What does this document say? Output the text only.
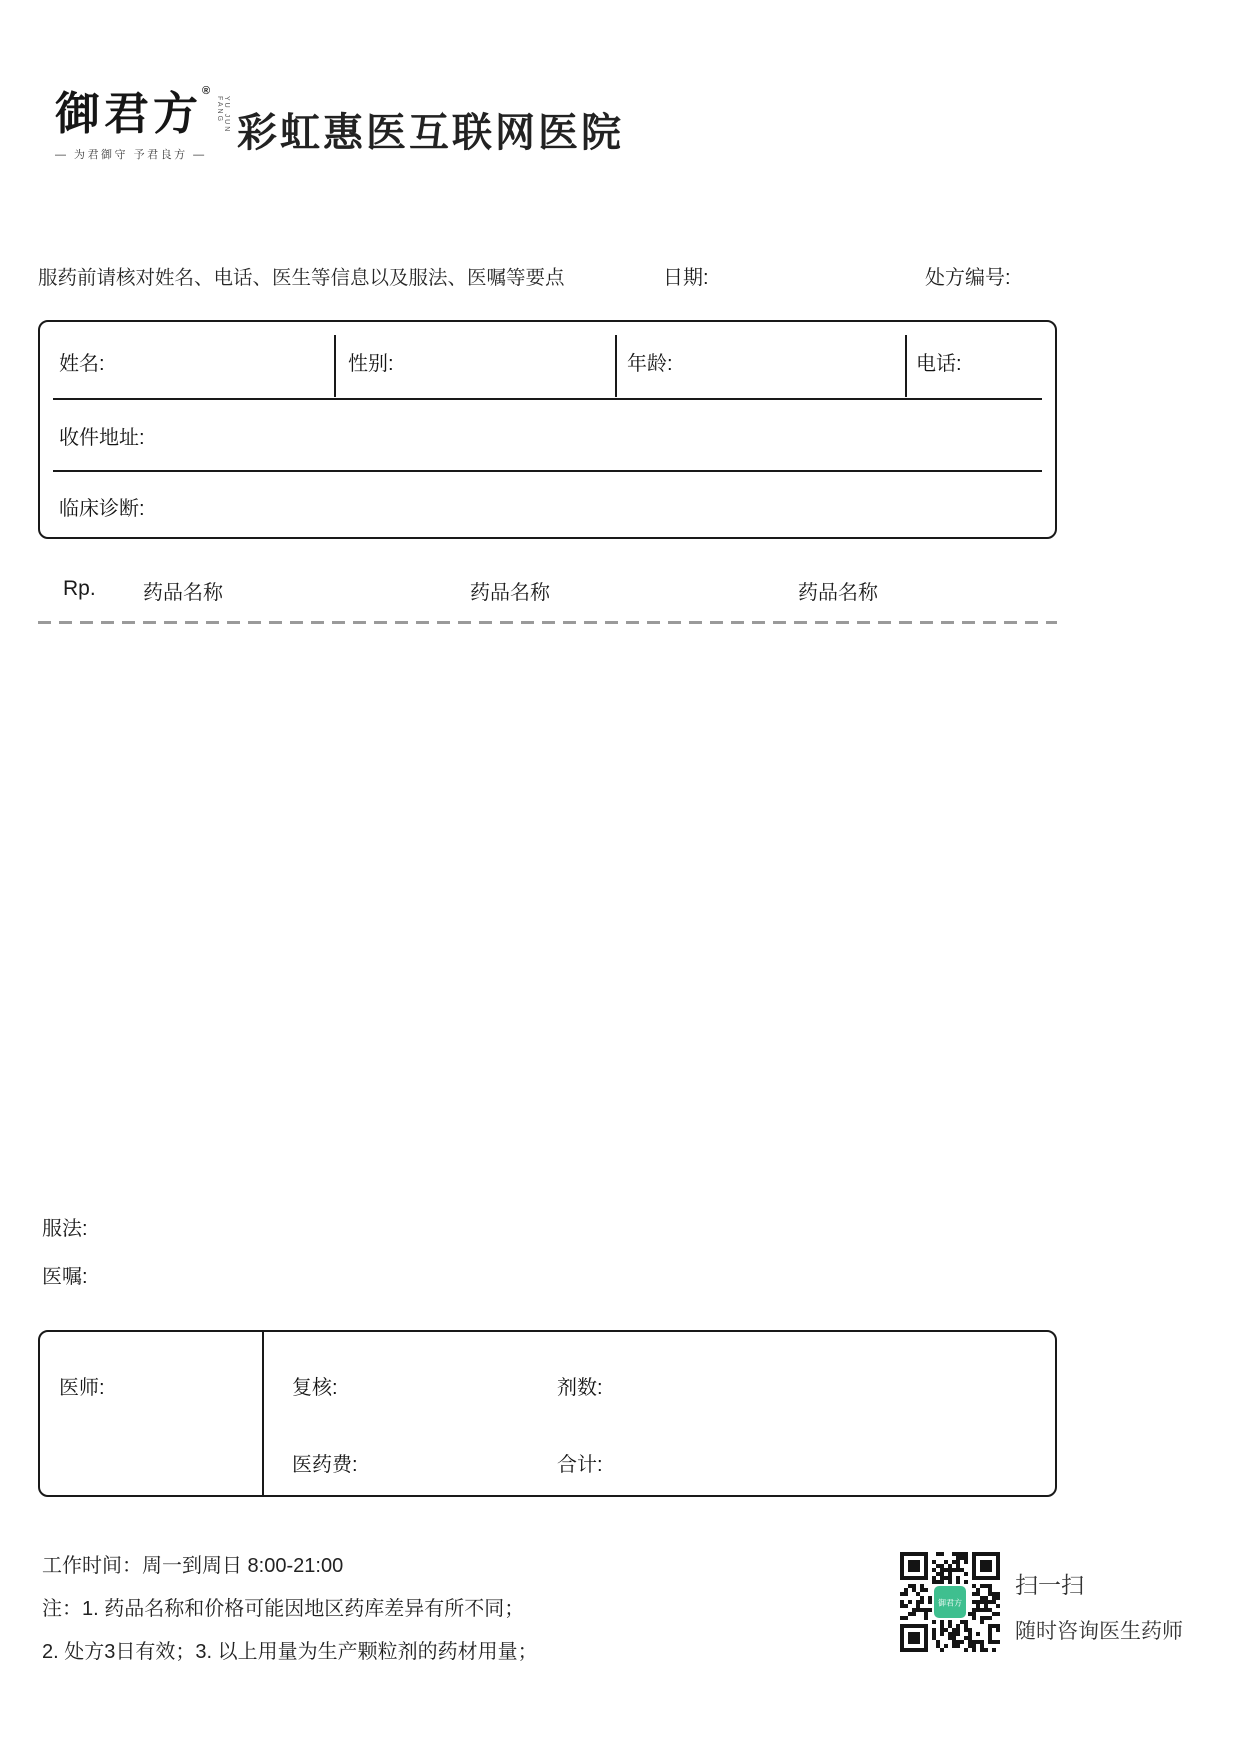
御君方®
YU JUN FANG
— 为君御守 予君良方 —
彩虹惠医互联网医院
服药前请核对姓名、电话、医生等信息以及服法、医嘱等要点	日期:	处方编号:
姓名:	性别:	年龄:	电话:
收件地址:
临床诊断:
Rp. 药品名称	药品名称	药品名称
服法:
医嘱:
医师:	复核:	剂数:
医药费:	合计:
工作时间：周一到周日 8:00-21:00
注：1. 药品名称和价格可能因地区药库差异有所不同；
2. 处方3日有效；3. 以上用量为生产颗粒剂的药材用量；
御君方
扫一扫
随时咨询医生药师
